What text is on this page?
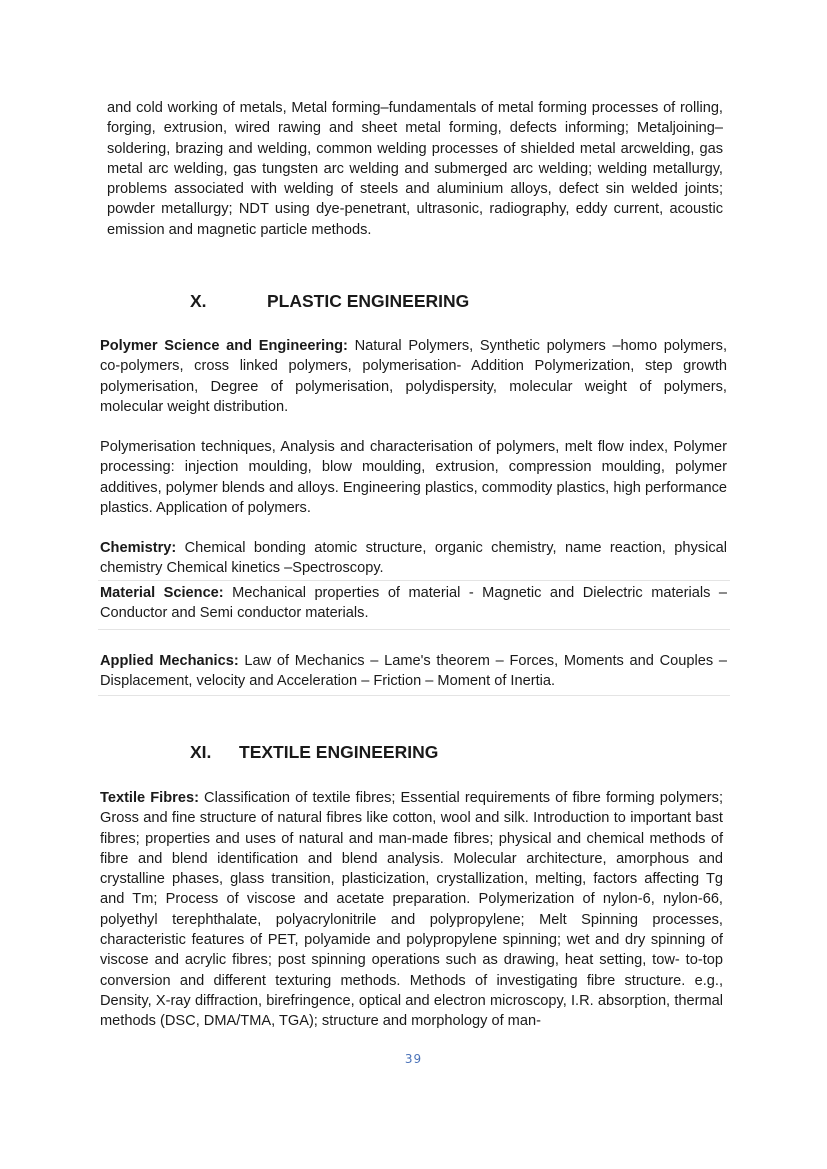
and cold working of metals, Metal forming–fundamentals of metal forming processes of rolling, forging, extrusion, wired rawing and sheet metal forming, defects informing; Metaljoining–soldering, brazing and welding, common welding processes of shielded metal arcwelding, gas metal arc welding, gas tungsten arc welding and submerged arc welding; welding metallurgy, problems associated with welding of steels and aluminium alloys, defect sin welded joints; powder metallurgy; NDT using dye-penetrant, ultrasonic, radiography, eddy current, acoustic emission and magnetic particle methods.
X.	PLASTIC ENGINEERING
Polymer Science and Engineering: Natural Polymers, Synthetic polymers –homo polymers, co-polymers, cross linked polymers, polymerisation- Addition Polymerization, step growth polymerisation, Degree of polymerisation, polydispersity, molecular weight of polymers, molecular weight distribution.
Polymerisation techniques, Analysis and characterisation of polymers, melt flow index, Polymer processing: injection moulding, blow moulding, extrusion, compression moulding, polymer additives, polymer blends and alloys. Engineering plastics, commodity plastics, high performance plastics. Application of polymers.
Chemistry: Chemical bonding atomic structure, organic chemistry, name reaction, physical chemistry Chemical kinetics –Spectroscopy.
Material Science: Mechanical properties of material - Magnetic and Dielectric materials – Conductor and Semi conductor materials.
Applied Mechanics: Law of Mechanics – Lame's theorem – Forces, Moments and Couples – Displacement, velocity and Acceleration – Friction – Moment of Inertia.
XI. TEXTILE ENGINEERING
Textile Fibres: Classification of textile fibres; Essential requirements of fibre forming polymers; Gross and fine structure of natural fibres like cotton, wool and silk. Introduction to important bast fibres; properties and uses of natural and man-made fibres; physical and chemical methods of fibre and blend identification and blend analysis. Molecular architecture, amorphous and crystalline phases, glass transition, plasticization, crystallization, melting, factors affecting Tg and Tm; Process of viscose and acetate preparation. Polymerization of nylon-6, nylon-66, polyethyl terephthalate, polyacrylonitrile and polypropylene; Melt Spinning processes, characteristic features of PET, polyamide and polypropylene spinning; wet and dry spinning of viscose and acrylic fibres; post spinning operations such as drawing, heat setting, tow- to-top conversion and different texturing methods. Methods of investigating fibre structure. e.g., Density, X-ray diffraction, birefringence, optical and electron microscopy, I.R. absorption, thermal methods (DSC, DMA/TMA, TGA); structure and morphology of man-
39
